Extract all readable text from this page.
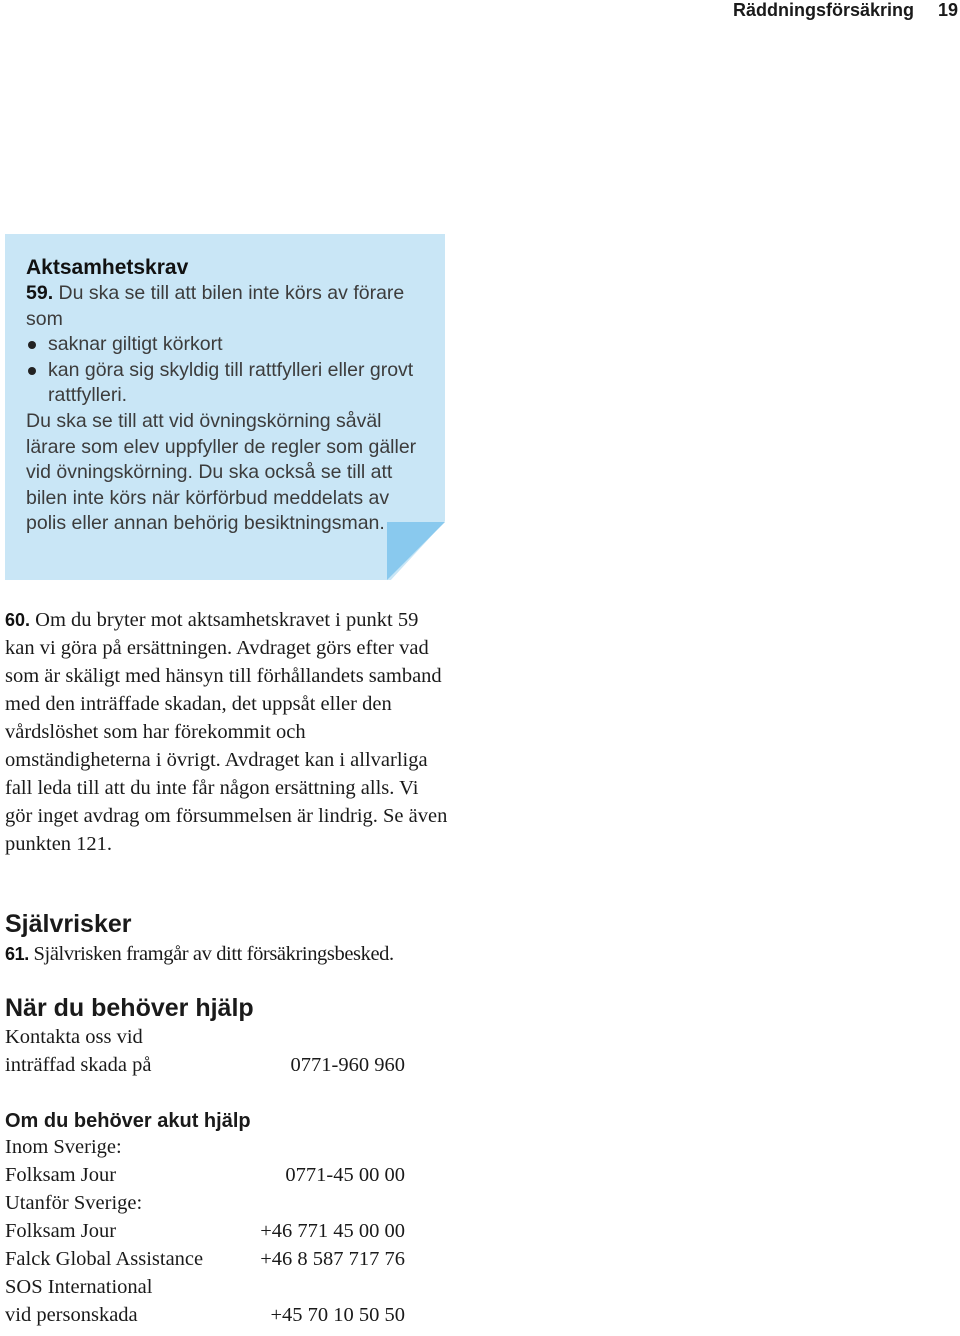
Räddningsförsäkring 19
Aktsamhetskrav

59. Du ska se till att bilen inte körs av förare som

saknar giltigt körkort
kan göra sig skyldig till rattfylleri eller grovt rattfylleri.

Du ska se till att vid övningskörning såväl lärare som elev uppfyller de regler som gäller vid övningskörning. Du ska också se till att bilen inte körs när körförbud meddelats av polis eller annan behörig besiktningsman.

60. Om du bryter mot aktsamhetskravet i punkt 59 kan vi göra på ersättningen. Avdraget görs efter vad som är skäligt med hänsyn till förhållandets samband med den inträffade skadan, det uppsåt eller den vårdslöshet som har förekommit och omständigheterna i övrigt. Avdraget kan i allvarliga fall leda till att du inte får någon ersättning alls. Vi gör inget avdrag om försummelsen är lindrig. Se även punkten 121.

Självrisker
61. Självrisken framgår av ditt försäkringsbesked.
När du behöver hjälp
Kontakta oss vid
inträffad skada på	0771-960 960
Om du behöver akut hjälp
Inom Sverige:
Folksam Jour	0771-45 00 00
Utanför Sverige:
Folksam Jour	+46 771 45 00 00
Falck Global Assistance	+46 8 587 717 76
SOS International
vid personskada	+45 70 10 50 50
